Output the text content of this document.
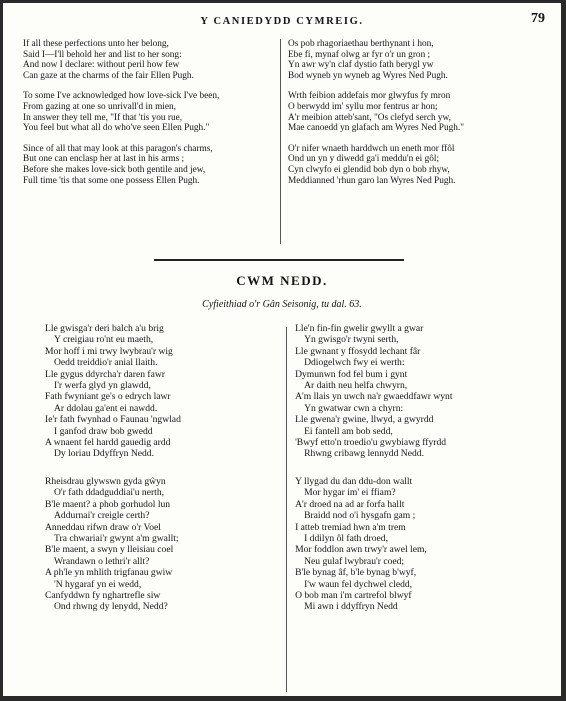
Y CANIEDYDD CYMREIG.	79
If all these perfections unto her belong,
Said I—I'll behold her and list to her song:
And now I declare: without peril how few
Can gaze at the charms of the fair Ellen Pugh.
To some I've acknowledged how love-sick I've been,
From gazing at one so unrivall'd in mien,
In answer they tell me, "If that 'tis you rue,
You feel but what all do who've seen Ellen Pugh."
Since of all that may look at this paragon's charms,
But one can enclasp her at last in his arms ;
Before she makes love-sick both gentile and jew,
Full time 'tis that some one possess Ellen Pugh.
Os pob rhagoriaethau berthynant i hon,
Ebe fi, mynaf olwg ar fyr o'r un gron ;
Yn awr wy'n claf dystio fath berygl yw
Bod wyneb yn wyneb ag Wyres Ned Pugh.
Wrth feibion addefais mor glwyfus fy mron
O berwydd im' syllu mor fentrus ar hon;
A'r meibion atteb'sant, "Os clefyd serch yw,
Mae canoedd yn glafach am Wyres Ned Pugh."
O'r nifer wnaeth harddwch un eneth mor ffôl
Ond un yn y diwedd ga'i meddu'n ei gôl;
Cyn clwyfo ei glendid bob dyn o bob rhyw,
Meddianned 'rhun garo lan Wyres Ned Pugh.
CWM NEDD.
Cyfieithiad o'r Gân Seisonig, tu dal. 63.
Lle gwisga'r deri balch a'u brig
Y creigiau ro'nt eu maeth,
Mor hoff i mi trwy lwybrau'r wig
Oedd treiddio'r anial llaith.
Lle gygus ddyrcha'r daren fawr
I'r werfa glyd yn glawdd,
Fath fwyniant ge's o edrych lawr
Ar ddolau ga'ent ei nawdd.
Ie'r fath fwynhad o Faunau 'ngwlad
I ganfod draw bob gwedd
A wnaent fel hardd gauedig ardd
Dy loriau Ddyffryn Nedd.
Rheisdrau glywswn gyda gŵyn
O'r fath ddadguddiai'u nerth,
B'le maent? a phob gorhudol lun
Addurnai'r creigle certh?
Anneddau rifwn draw o'r Voel
Tra chwariai'r gwynt a'm gwallt;
B'le maent, a swyn y lleisiau coel
Wrandawn o lethri'r allt?
A ph'le yn mhlith trigfanau gwiw
'N hygaraf yn ei wedd,
Canfyddwn fy nghartrefle siw
Ond rhwng dy lenydd, Nedd?
Lle'n fin-fin gwelir gwyllt a gwar
Yn gwisgo'r twyni serth,
Lle gwnant y ffosydd lechant fâr
Ddiogelwch fwy ei werth:
Dymunwn fod fel bum i gynt
Ar daith neu helfa chwyrn,
A'm llais yn uwch na'r gwaeddfawr wynt
Yn gwatwar cwn a chyrn:
Lle gwena'r gwine, llwyd, a gwyrdd
Ei fantell am bob sedd,
'Bwyf etto'n troedio'u gwybiawg ffyrdd
Rhwng cribawg lennydd Nedd.
Y llygad du dan ddu-don wallt
Mor hygar im' ei ffiam?
A'r droed na ad ar forfa hallt
Braidd nod o'i hysgafn gam ;
I atteb tremiad hwn a'm trem
I ddilyn ôl fath droed,
Mor foddlon awn trwy'r awel lem,
Neu gulaf lwybrau'r coed;
B'le bynag âf, b'le bynag b'wyf,
I'w waun fel dychwel cledd,
O bob man i'm cartrefol blwyf
Mi awn i ddyffryn Nedd
